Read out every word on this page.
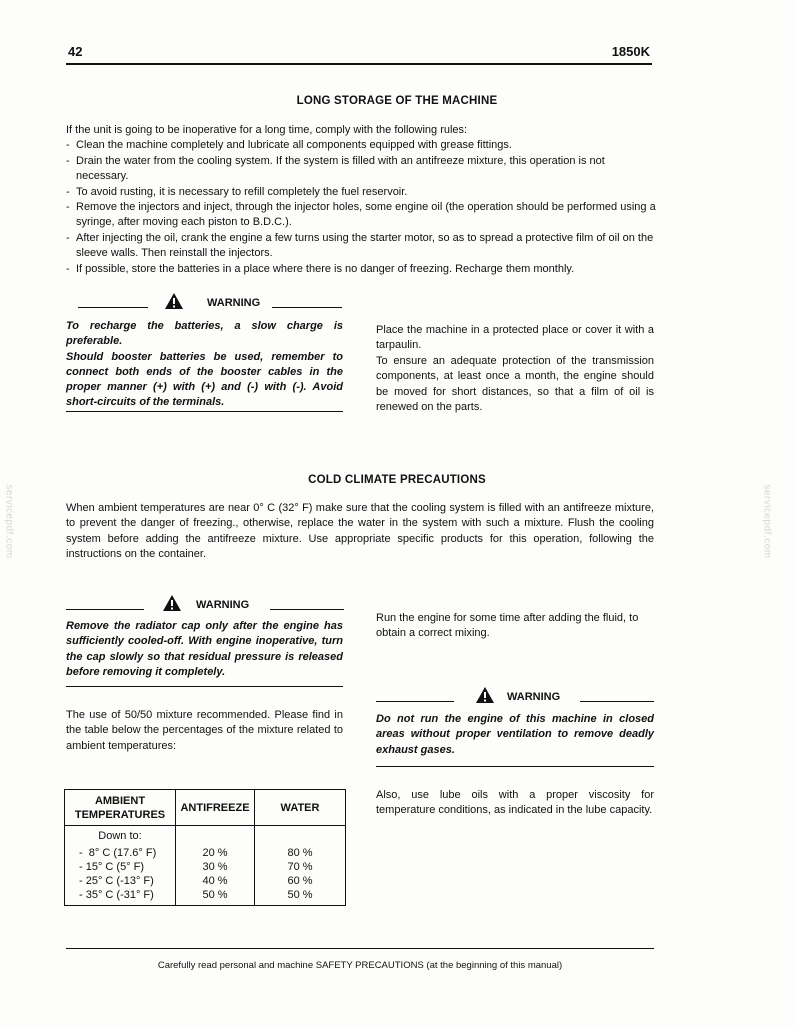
42	1850K
LONG STORAGE OF THE MACHINE

If the unit is going to be inoperative for a long time, comply with the following rules:

- Clean the machine completely and lubricate all components equipped with grease fittings.
- Drain the water from the cooling system. If the system is filled with an antifreeze mixture, this operation is not necessary.
- To avoid rusting, it is necessary to refill completely the fuel reservoir.
- Remove the injectors and inject, through the injector holes, some engine oil (the operation should be performed using a syringe, after moving each piston to B.D.C.).
- After injecting the oil, crank the engine a few turns using the starter motor, so as to spread a protective film of oil on the sleeve walls. Then reinstall the injectors.
- If possible, store the batteries in a place where there is no danger of freezing. Recharge them monthly.
WARNING

To recharge the batteries, a slow charge is preferable.

Should booster batteries be used, remember to connect both ends of the booster cables in the proper manner (+) with (+) and (-) with (-). Avoid short-circuits of the terminals.

Place the machine in a protected place or cover it with a tarpaulin.

To ensure an adequate protection of the transmission components, at least once a month, the engine should be moved for short distances, so that a film of oil is renewed on the parts.

COLD CLIMATE PRECAUTIONS
When ambient temperatures are near 0° C (32° F) make sure that the cooling system is filled with an antifreeze mixture, to prevent the danger of freezing., otherwise, replace the water in the system with such a mixture. Flush the cooling system before adding the antifreeze mixture. Use appropriate specific products for this operation, following the instructions on the container.
WARNING
Remove the radiator cap only after the engine has sufficiently cooled-off. With engine inoperative, turn the cap slowly so that residual pressure is released before removing it completely.
Run the engine for some time after adding the fluid, to obtain a correct mixing.
The use of 50/50 mixture recommended. Please find in the table below the percentages of the mixture related to ambient temperatures:
WARNING
Do not run the engine of this machine in closed areas without proper ventilation to remove deadly exhaust gases.
Also, use lube oils with a proper viscosity for temperature conditions, as indicated in the lube capacity.
AMBIENT TEMPERATURES	ANTIFREEZE	WATER
Down to:		
-  8° C (17.6° F)	20 %	80 %
- 15° C (5° F)	30 %	70 %
- 25° C (-13° F)	40 %	60 %
- 35° C (-31° F)	50 %	50 %
Carefully read personal and machine SAFETY PRECAUTIONS (at the beginning of this manual)
servicepdf.com	servicepdf.com
